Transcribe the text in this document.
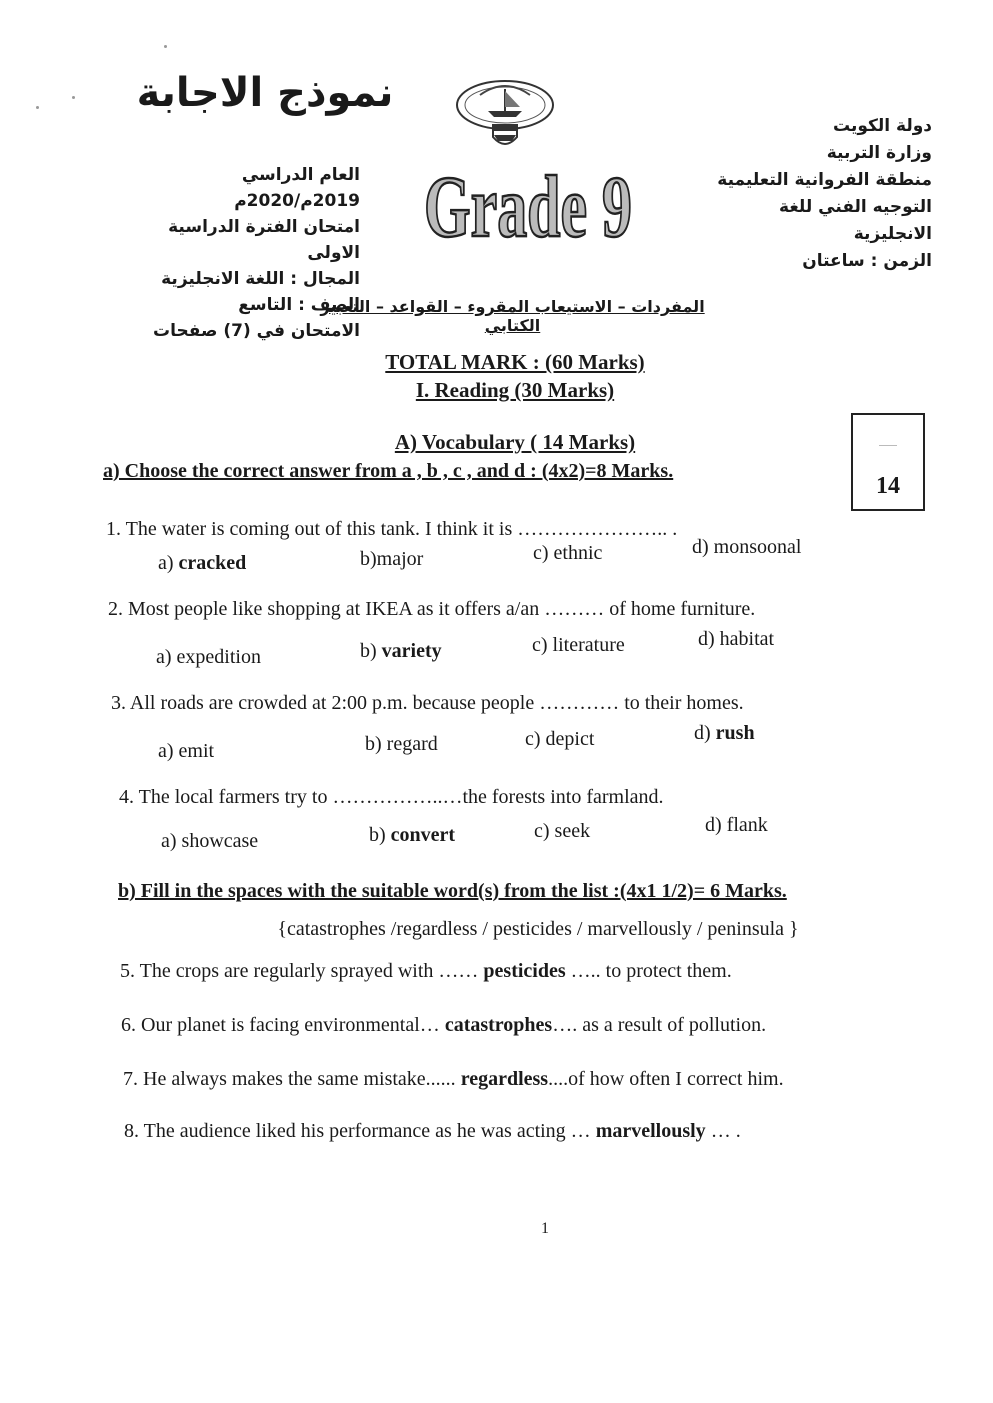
نموذج الاجابة
العام الدراسي 2019م/2020م
امتحان الفترة الدراسية الاولى
المجال : اللغة الانجليزية
الصف : التاسع
الامتحان في (7) صفحات
Grade 9
دولة الكويت
وزارة التربية
منطقة الفروانية التعليمية
التوجيه الفني للغة الانجليزية
الزمن : ساعتان
المفردات – الاستيعاب المقروء – القواعد – التعبير الكتابي
TOTAL MARK : (60 Marks)
I. Reading (30 Marks)
A) Vocabulary ( 14 Marks)
14
a) Choose the correct answer from a , b , c , and d : (4x2)=8 Marks.
1. The water is coming out of this tank. I think it is ………………….. .
a) cracked	b)major	c) ethnic	d) monsoonal
2. Most people like shopping at IKEA as it offers a/an ……… of home furniture.
a) expedition	b) variety	c) literature	d) habitat
3. All roads are crowded at 2:00 p.m. because people ………… to their homes.
a) emit	b) regard	c) depict	d) rush
4. The local farmers try to ……………..…the forests into farmland.
a) showcase	b) convert	c) seek	d) flank
b) Fill in the spaces with the suitable word(s) from the list :(4x1 1/2)= 6 Marks.
{catastrophes /regardless / pesticides / marvellously / peninsula }
5. The crops are regularly sprayed with …… pesticides ….. to protect them.
6. Our planet is facing environmental… catastrophes…. as a result of pollution.
7. He always makes the same mistake...... regardless....of how often I correct him.
8. The audience liked his performance as he was acting … marvellously … .
1
